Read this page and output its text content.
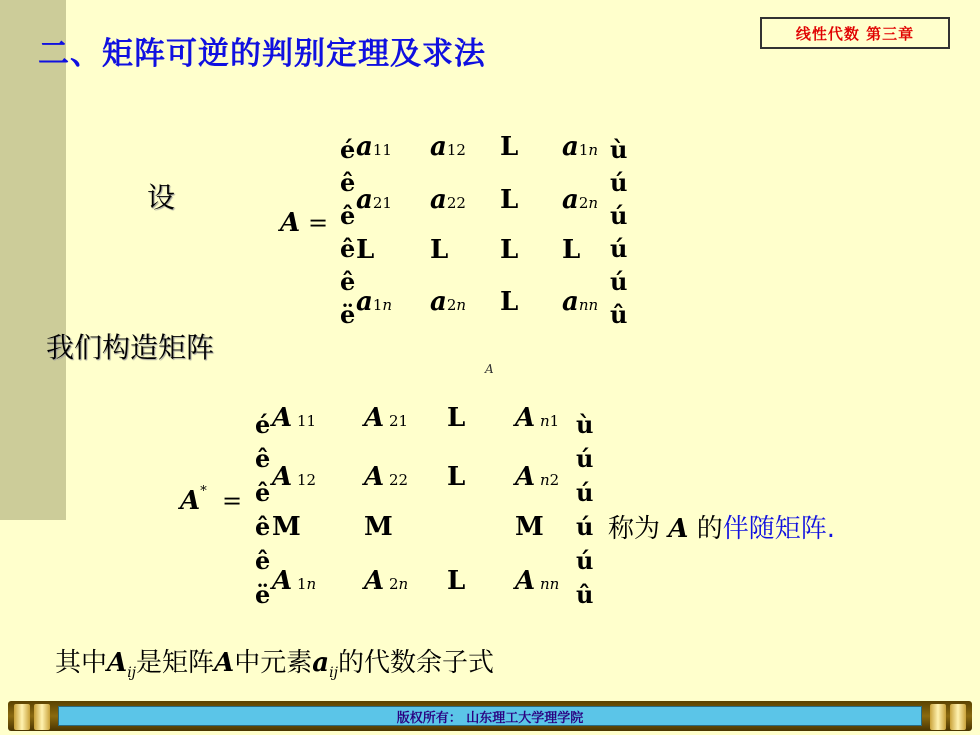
线性代数 第三章
二、矩阵可逆的判别定理及求法
设
A =
é
ê
ê
ê
ê
ë
ù
ú
ú
ú
ú
û
a11 a12 L a1n
a21 a22 L a2n
L L L L
a1n a2n L ann
我们构造矩阵
A
A* =
é
ê
ê
ê
ê
ë
ù
ú
ú
ú
ú
û
A 11 A 21 L A n1
A 12 A 22 L A n2
M M	M
A 1n A 2n L A nn
称为 A 的伴随矩阵.
其中$A_{ij}$是矩阵A中元素$a_{ij}$的代数余子式
版权所有： 山东理工大学理学院
